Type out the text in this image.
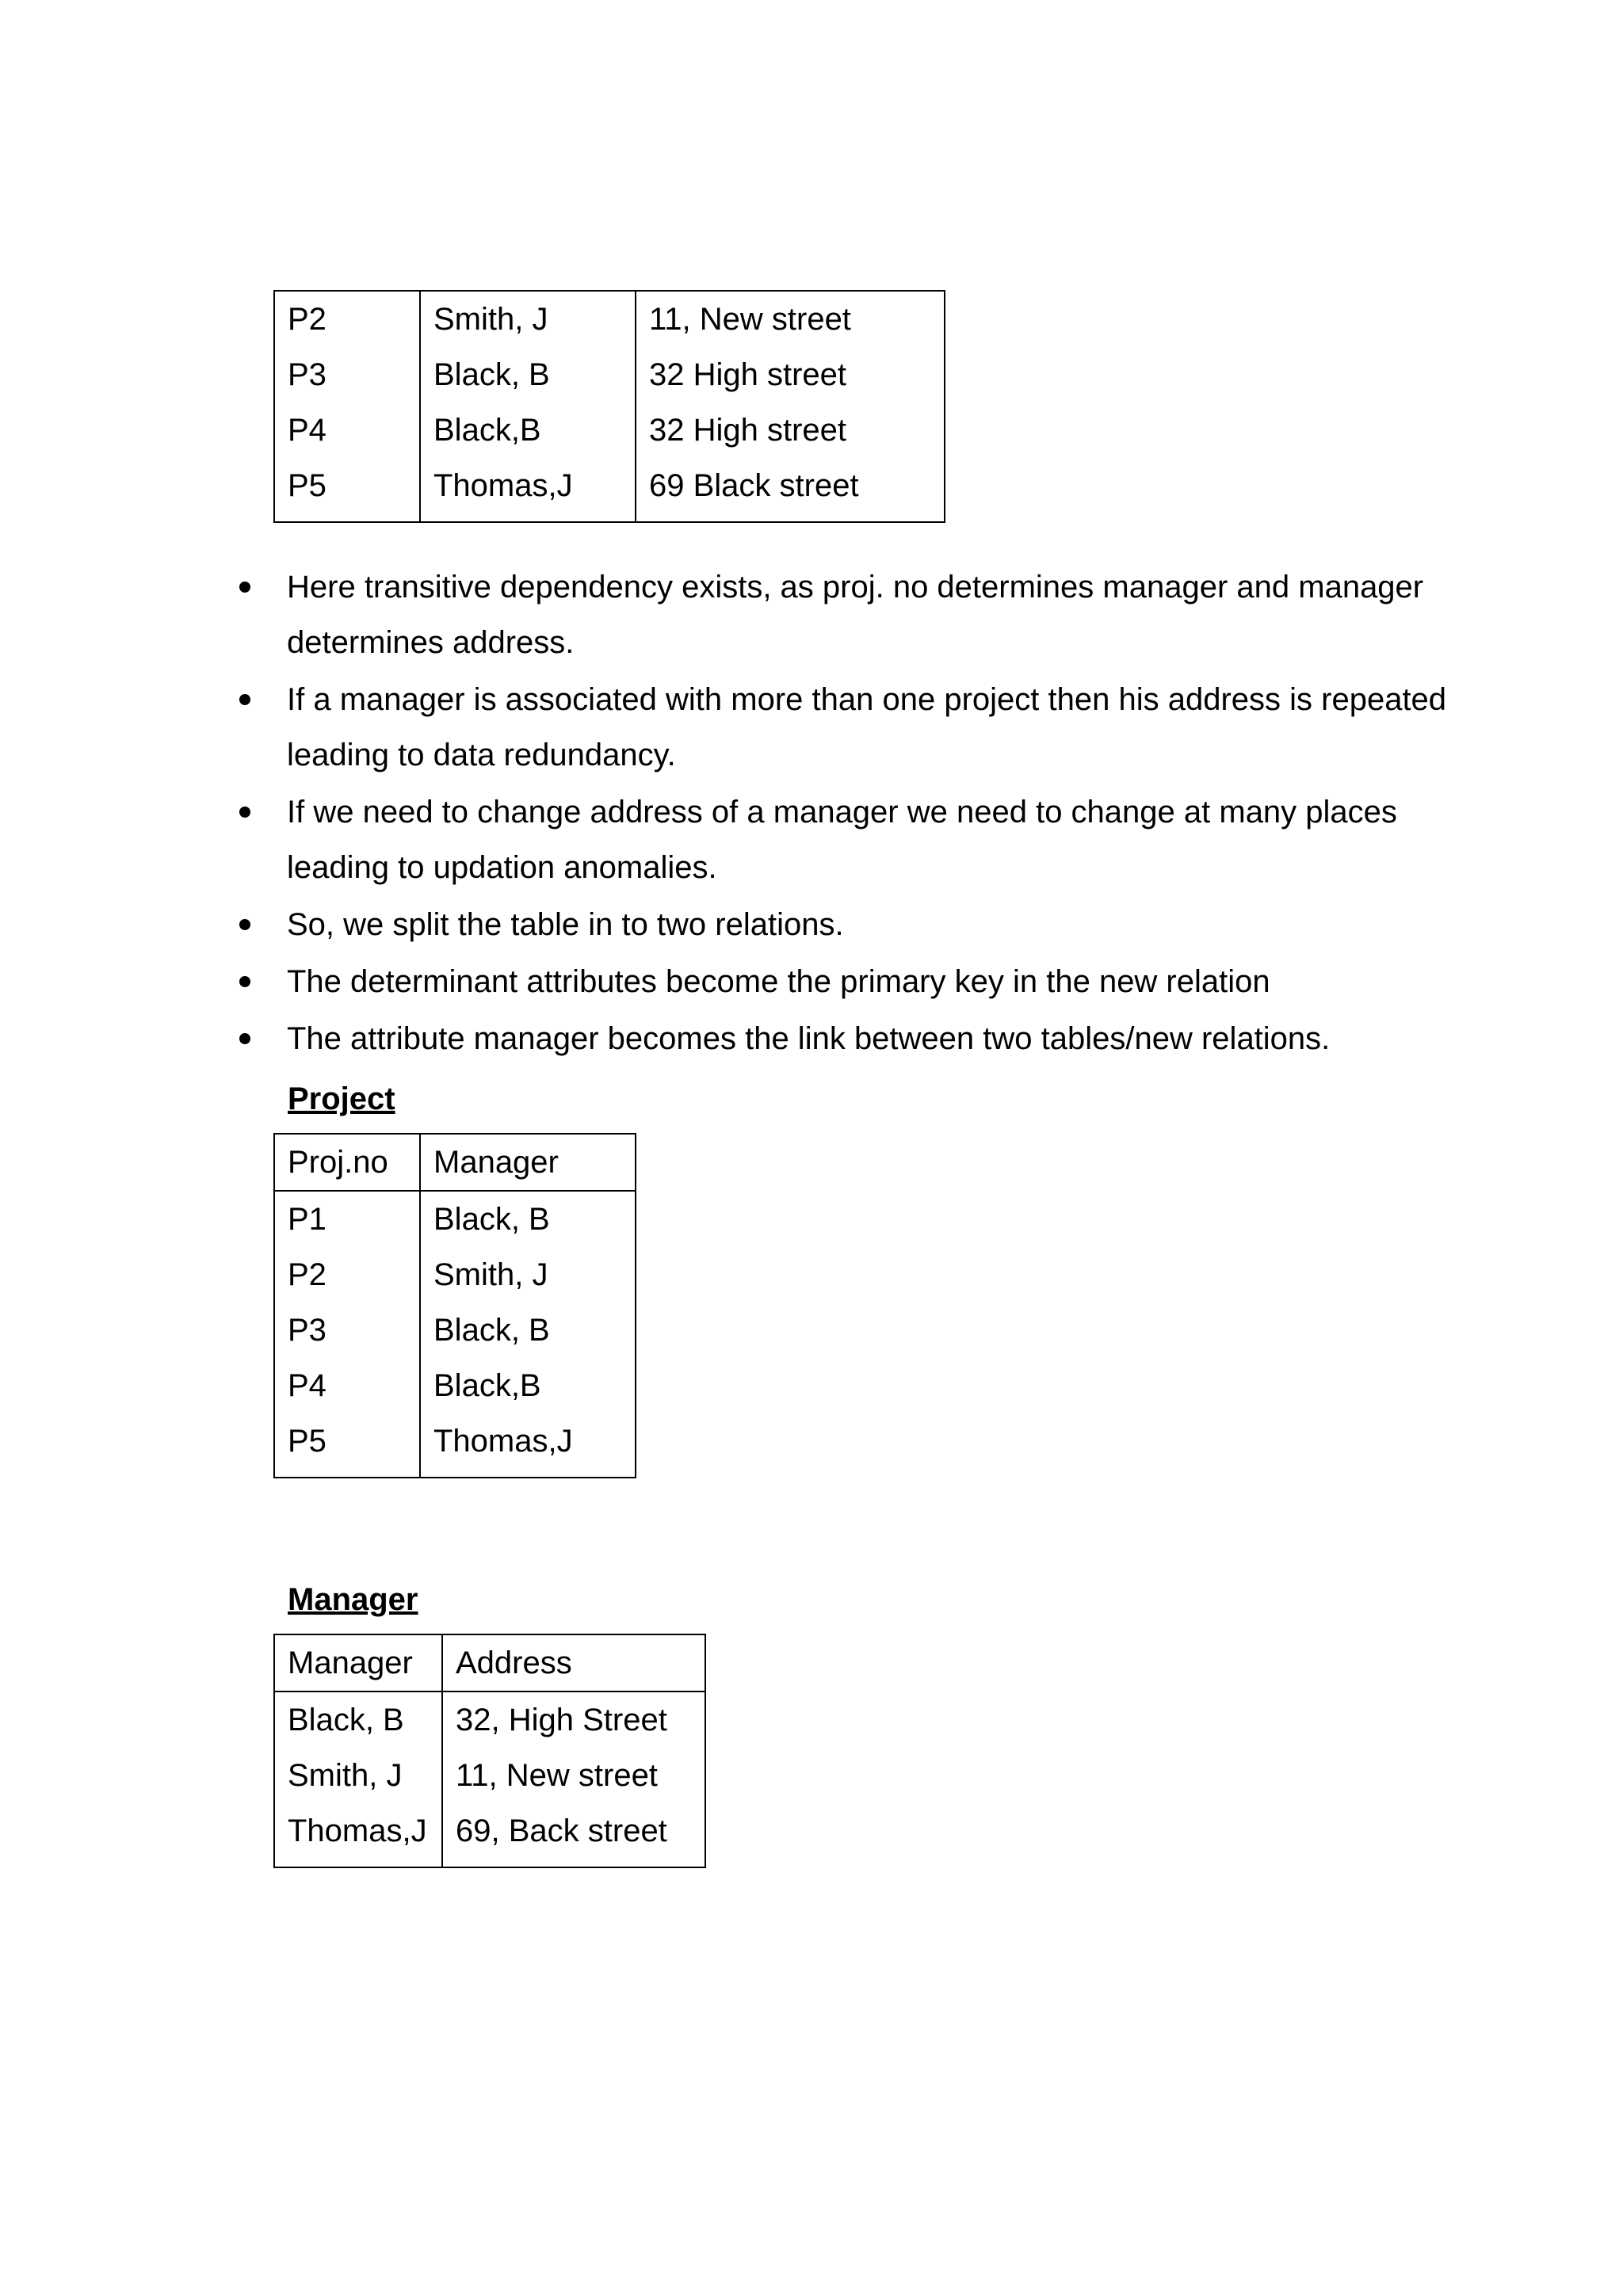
P2	Smith, J	11, New street
P3	Black, B	32 High street
P4	Black,B	32 High street
P5	Thomas,J	69 Black street
Here transitive dependency exists, as proj. no determines manager and manager determines address.
If a manager is associated with more than one project then his address is repeated leading to data redundancy.
If we need to change address of a manager we need to change at many places leading to updation anomalies.
So, we split the table in to two relations.
The determinant attributes become the primary key in the new relation
The attribute manager becomes the link between two tables/new relations.
Project
Proj.no	Manager
P1	Black, B
P2	Smith, J
P3	Black, B
P4	Black,B
P5	Thomas,J
Manager
Manager	Address
Black, B	32, High Street
Smith, J	11, New street
Thomas,J	69, Back street
